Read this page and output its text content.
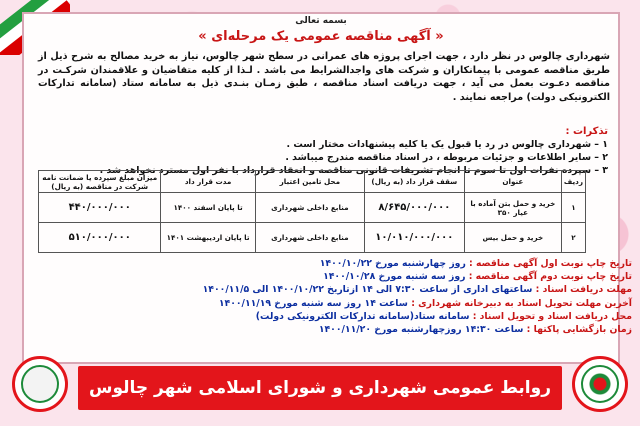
بسمه تعالی
« آگهی مناقصه عمومی یک مرحله‌ای »
شهرداری چالوس در نظر دارد ، جهت اجرای پروژه های عمرانی در سطح شهر چالوس، نیاز به خرید مصالح به شرح ذیل از طریق مناقصه عمومی با پیمانکاران و شرکت های واجدالشرایط می باشد . لـذا از کلیه متقاضیان و علاقمندان شرکـت در مناقصه دعـوت بعمل می آید ، جهت دریافت اسناد مناقصه ، طبق زمـان بنـدی ذیل به سامانه ستاد (سامانه تدارکات الکترونیکی دولت) مراجعه نمایند .
تذکرات :
۱ – شهرداری چالوس در رد یا قبول یک یا کلیه پیشنهادات مختار است .
۲ – سایر اطلاعات و جزئیات مربوطه ، در اسناد مناقصه مندرج میباشد .
۳ – سپرده نفرات اول تا سوم تا انجام تشریفات قانونی مناقصه و انعقاد قرارداد با نفر اول مسترد نخواهد شد .
ردیف	عنوان	سقف قرار داد (به ریال)	محل تامین اعتبار	مدت قرار داد	میزان مبلغ سپرده یا ضمانت نامه شرکت در مناقصه (به ریال)
۱	خرید و حمل بتن آماده با عیار ۳۵۰	۸/۶۴۵/۰۰۰/۰۰۰	منابع داخلی شهرداری	تا پایان اسفند ۱۴۰۰	۴۴۰/۰۰۰/۰۰۰
۲	خرید و حمل بیس	۱۰/۰۱۰/۰۰۰/۰۰۰	منابع داخلی شهرداری	تا پایان اردیبهشت ۱۴۰۱	۵۱۰/۰۰۰/۰۰۰
تاریخ چاپ نوبت اول آگهی مناقصه : روز چهارشنبه مورخ ۱۴۰۰/۱۰/۲۲
تاریخ چاپ نوبت دوم آگهی مناقصه : روز سه شنبه مورخ ۱۴۰۰/۱۰/۲۸
مهلت دریافت اسناد : ساعتهای اداری از ساعت ۷:۳۰ الی ۱۴ ازتاریخ ۱۴۰۰/۱۰/۲۲ الی ۱۴۰۰/۱۱/۵
آخرین مهلت تحویل اسناد به دبیرخانه شهرداری : ساعت ۱۴ روز سه شنبه مورخ ۱۴۰۰/۱۱/۱۹
محل دریافت اسناد و تحویل اسناد : سامانه ستاد(سامانه تدارکات الکترونیکی دولت)
زمان بازگشایی پاکتها : ساعت ۱۴:۳۰ روزچهارشنبه مورخ ۱۴۰۰/۱۱/۲۰
روابط عمومی شهرداری و شورای اسلامی شهر چالوس
